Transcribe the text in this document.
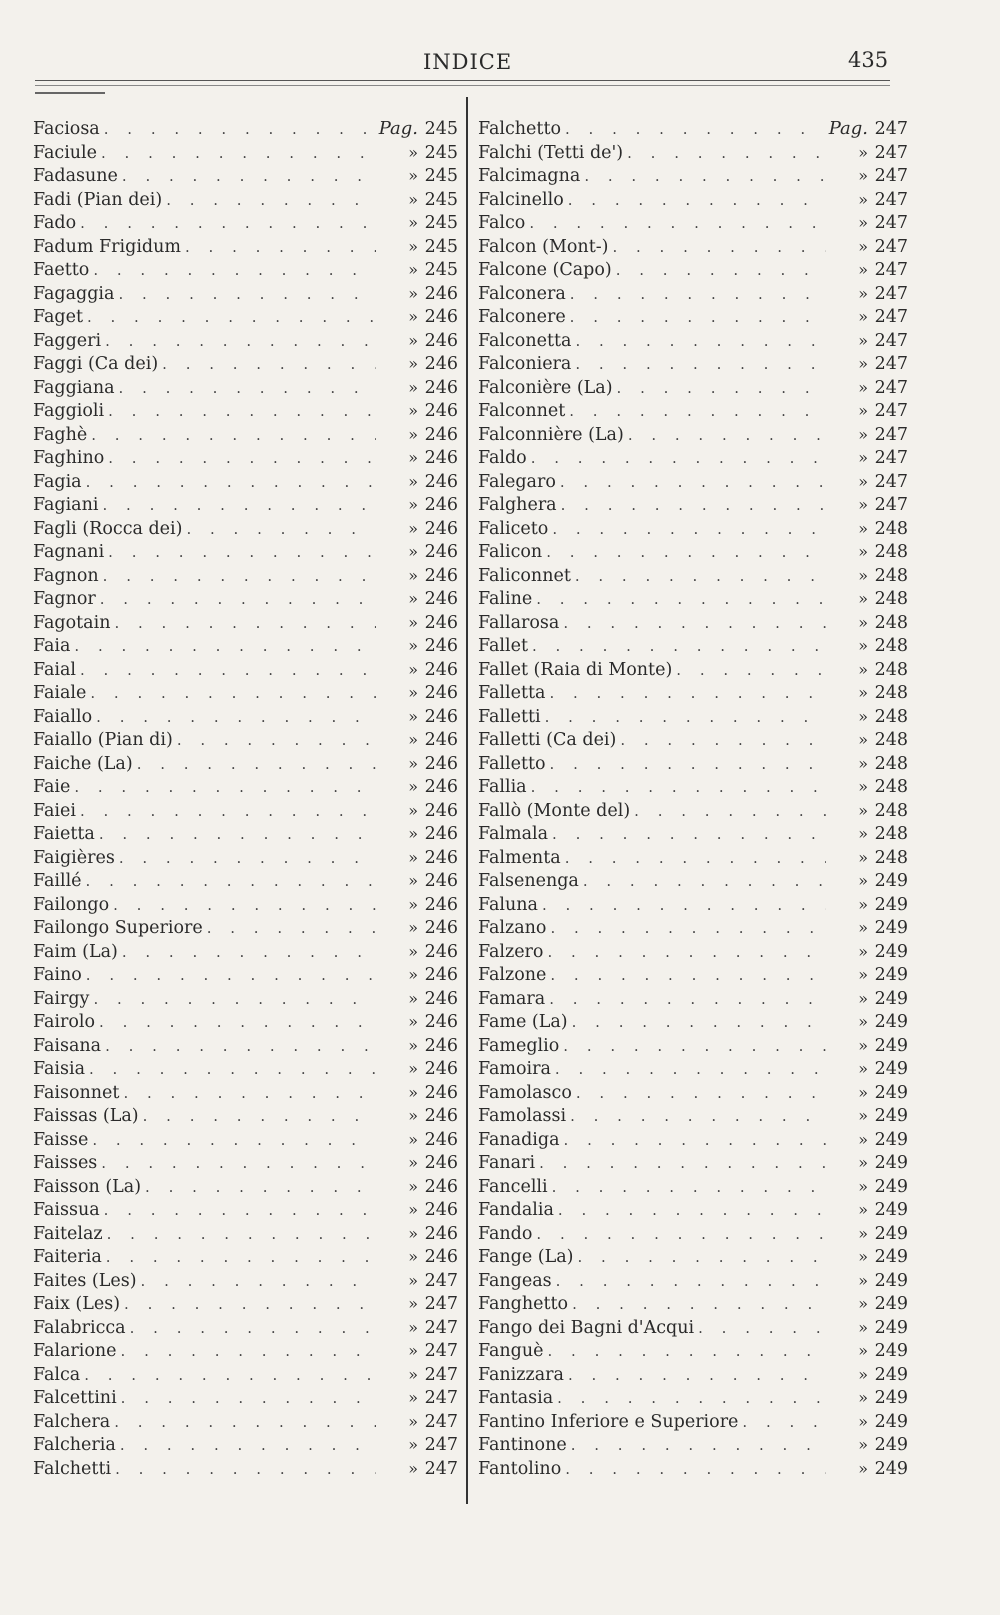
INDICE	435
Faciosa . . .	Pag. 245
Faciule . . .	» 245
Fadasune . . .	» 245
Fadi (Pian dei) . . .	» 245
Fado . . .	» 245
Fadum Frigidum . . .	» 245
Faetto . . .	» 245
Fagaggia . . .	» 246
Faget . . .	» 246
Faggeri . . .	» 246
Faggi (Ca dei) . . .	» 246
Faggiana . . .	» 246
Faggioli . . .	» 246
Faghè . . .	» 246
Faghino . . .	» 246
Fagia . . .	» 246
Fagiani . . .	» 246
Fagli (Rocca dei) . . .	» 246
Fagnani . . .	» 246
Fagnon . . .	» 246
Fagnor . . .	» 246
Fagotain . . .	» 246
Faia . . .	» 246
Faial . . .	» 246
Faiale . . .	» 246
Faiallo . . .	» 246
Faiallo (Pian di) . . .	» 246
Faiche (La) . . .	» 246
Faie . . .	» 246
Faiei . . .	» 246
Faietta . . .	» 246
Faigières . . .	» 246
Faillé . . .	» 246
Failongo . . .	» 246
Failongo Superiore . . .	» 246
Faim (La) . . .	» 246
Faino . . .	» 246
Fairgy . . .	» 246
Fairolo . . .	» 246
Faisana . . .	» 246
Faisia . . .	» 246
Faisonnet . . .	» 246
Faissas (La) . . .	» 246
Faisse . . .	» 246
Faisses . . .	» 246
Faisson (La) . . .	» 246
Faissua . . .	» 246
Faitelaz . . .	» 246
Faiteria . . .	» 246
Faites (Les) . . .	» 247
Faix (Les) . . .	» 247
Falabricca . . .	» 247
Falarione . . .	» 247
Falca . . .	» 247
Falcettini . . .	» 247
Falchera . . .	» 247
Falcheria . . .	» 247
Falchetti . . .	» 247
Falchetto . . .	Pag. 247
Falchi (Tetti de') . . .	» 247
Falcimagna . . .	» 247
Falcinello . . .	» 247
Falco . . .	» 247
Falcon (Mont-) . . .	» 247
Falcone (Capo) . . .	» 247
Falconera . . .	» 247
Falconere . . .	» 247
Falconetta . . .	» 247
Falconiera . . .	» 247
Falconière (La) . . .	» 247
Falconnet . . .	» 247
Falconnière (La) . . .	» 247
Faldo . . .	» 247
Falegaro . . .	» 247
Falghera . . .	» 247
Faliceto . . .	» 248
Falicon . . .	» 248
Faliconnet . . .	» 248
Faline . . .	» 248
Fallarosa . . .	» 248
Fallet . . .	» 248
Fallet (Raia di Monte) . . .	» 248
Falletta . . .	» 248
Falletti . . .	» 248
Falletti (Ca dei) . . .	» 248
Falletto . . .	» 248
Fallia . . .	» 248
Fallò (Monte del) . . .	» 248
Falmala . . .	» 248
Falmenta . . .	» 248
Falsenenga . . .	» 249
Faluna . . .	» 249
Falzano . . .	» 249
Falzero . . .	» 249
Falzone . . .	» 249
Famara . . .	» 249
Fame (La) . . .	» 249
Fameglio . . .	» 249
Famoira . . .	» 249
Famolasco . . .	» 249
Famolassi . . .	» 249
Fanadiga . . .	» 249
Fanari . . .	» 249
Fancelli . . .	» 249
Fandalia . . .	» 249
Fando . . .	» 249
Fange (La) . . .	» 249
Fangeas . . .	» 249
Fanghetto . . .	» 249
Fango dei Bagni d'Acqui . . .	» 249
Fanguè . . .	» 249
Fanizzara . . .	» 249
Fantasia . . .	» 249
Fantino Inferiore e Superiore . . .	» 249
Fantinone . . .	» 249
Fantolino . . .	» 249
